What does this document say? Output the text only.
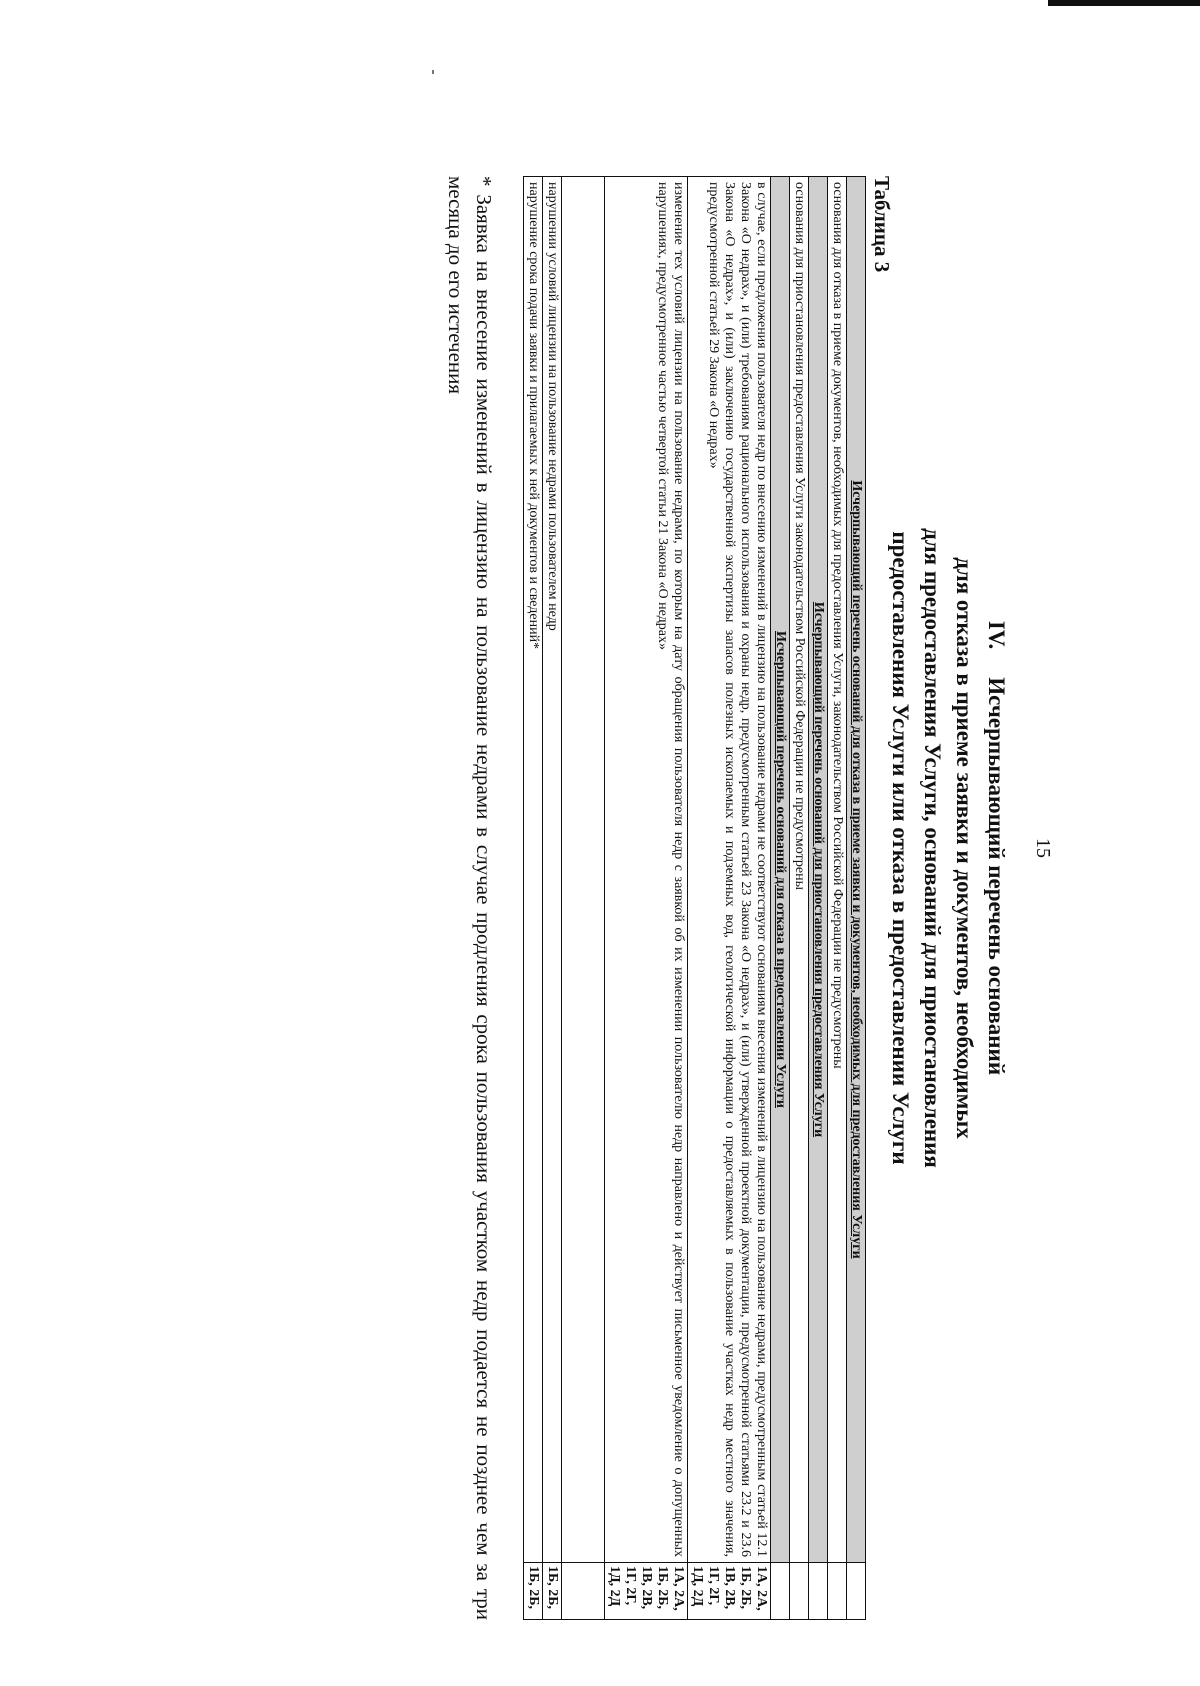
15
IV.Исчерпывающий перечень оснований
для отказа в приеме заявки и документов, необходимых
для предоставления Услуги, оснований для приостановления
предоставления Услуги или отказа в предоставлении Услуги
Таблица 3
Исчерпывающий перечень оснований для отказа в приеме заявки и документов, необходимых для предоставления Услуги	
основания для отказа в приеме документов, необходимых для предоставления Услуги, законодательством Российской Федерации не предусмотрены	
Исчерпывающий перечень оснований для приостановления предоставления Услуги	
основания для приостановления предоставления Услуги законодательством Российской Федерации не предусмотрены	
Исчерпывающий перечень оснований для отказа в предоставлении Услуги	
в случае, если предложения пользователя недр по внесению изменений в лицензию на пользование недрами не соответствуют основаниям внесения изменений в лицензию на пользование недрами, предусмотренным статьей 12.1 Закона «О недрах», и (или) требованиям рационального использования и охраны недр, предусмотренным статьей 23 Закона «О недрах», и (или) утвержденной проектной документации, предусмотренной статьями 23.2 и 23.6 Закона «О недрах», и (или) заключению государственной экспертизы запасов полезных ископаемых и подземных вод, геологической информации о предоставляемых в пользование участках недр местного значения, предусмотренной статьей 29 Закона «О недрах»	1А, 2А, 1Б, 2Б, 1В, 2В, 1Г, 2Г, 1Д, 2Д
изменение тех условий лицензии на пользование недрами, по которым на дату обращения пользователя недр с заявкой об их изменении пользователю недр направлено и действует письменное уведомление о допущенных нарушениях, предусмотренное частью четвертой статьи 21 Закона «О недрах»	1А, 2А, 1Б, 2Б, 1В, 2В, 1Г, 2Г, 1Д, 2Д

нарушении условий лицензии на пользование недрами пользователем недр	1Б, 2Б,
нарушение срока подачи заявки и прилагаемых к ней документов и сведений*	1Б, 2Б,
* Заявка на внесение изменений в лицензию на пользование недрами в случае продления срока пользования участком недр подается не позднее чем за три месяца до его истечения
